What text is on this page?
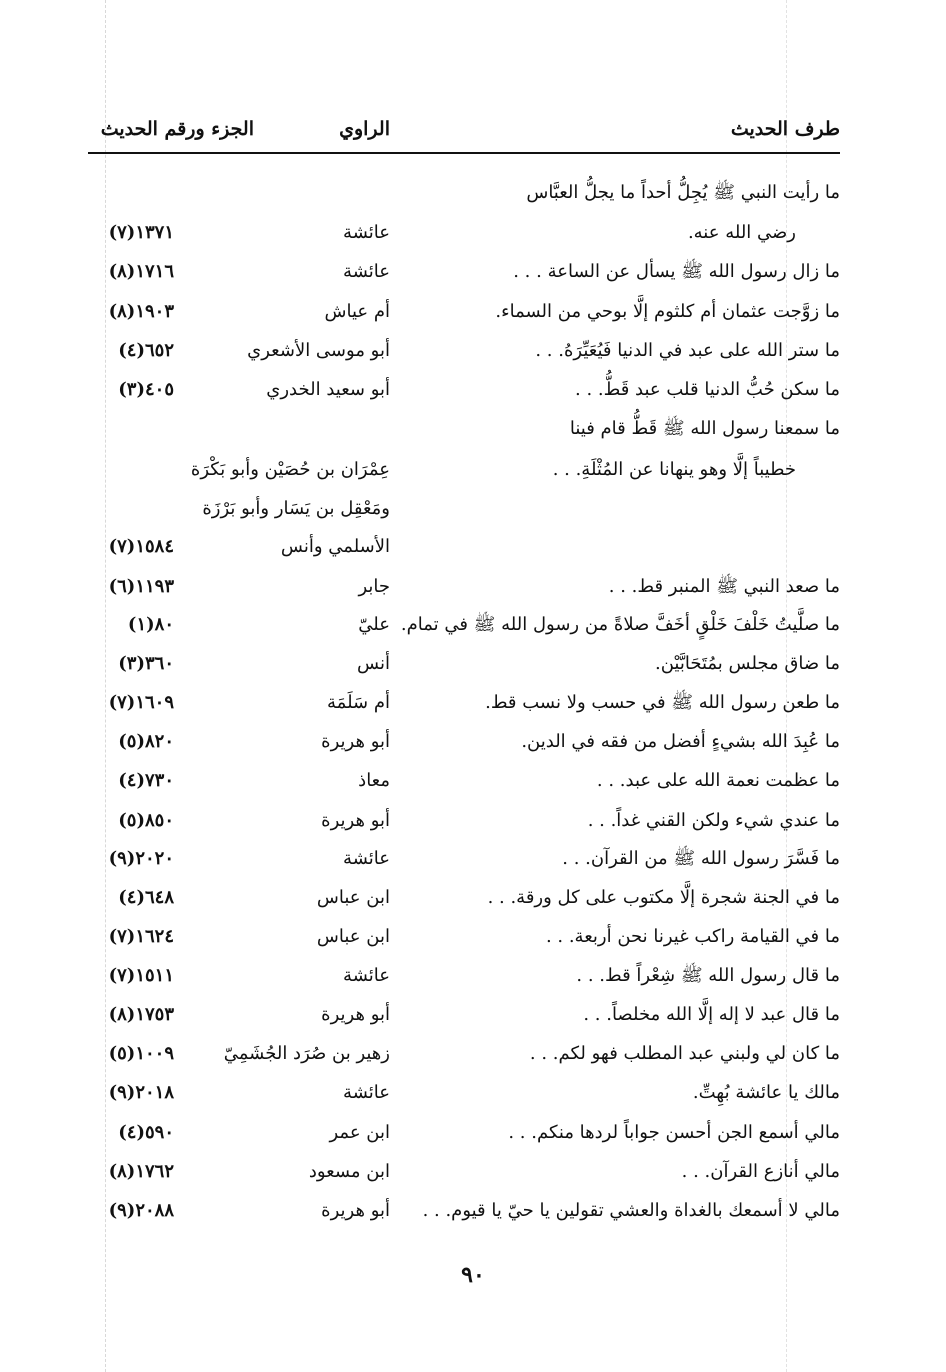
طرف الحديث
الراوي
الجزء ورقم الحديث
ما رأيت النبي ﷺ يُجِلُّ أحداً ما يجلُّ العبَّاس
رضي الله عنه.
عائشة
١٣٧١(٧)
ما زال رسول الله ﷺ يسأل عن الساعة . . .
عائشة
١٧١٦(٨)
ما زوَّجت عثمان أم كلثوم إلَّا بوحي من السماء.
أم عياش
١٩٠٣(٨)
ما ستر الله على عبد في الدنيا فَيُعَيِّرَهُ. . .
أبو موسى الأشعري
٦٥٢(٤)
ما سكن حُبُّ الدنيا قلب عبد قَطُّ. . .
أبو سعيد الخدري
٤٠٥(٣)
ما سمعنا رسول الله ﷺ قَطُّ قام فينا
خطيباً إلَّا وهو ينهانا عن المُثْلَةِ. . .
عِمْرَان بن حُصَيْن وأبو بَكْرَة
ومَعْقِل بن يَسَار وأبو بَرْزَة
الأسلمي وأنس
١٥٨٤(٧)
ما صعد النبي ﷺ المنبر قط. . .
جابر
١١٩٣(٦)
ما صلَّيتُ خَلْفَ خَلْقٍ أخَفَّ صلاةً من رسول الله ﷺ في تمام.
عليّ
٨٠(١)
ما ضاق مجلس بمُتَحَابَّيْن.
أنس
٣٦٠(٣)
ما طعن رسول الله ﷺ في حسب ولا نسب قط.
أم سَلَمَة
١٦٠٩(٧)
ما عُبِدَ الله بشيءٍ أفضل من فقه في الدين.
أبو هريرة
٨٢٠(٥)
ما عظمت نعمة الله على عبد. . .
معاذ
٧٣٠(٤)
ما عندي شيء ولكن القني غداً. . .
أبو هريرة
٨٥٠(٥)
ما فَسَّرَ رسول الله ﷺ من القرآن. . .
عائشة
٢٠٢٠(٩)
ما في الجنة شجرة إلَّا مكتوب على كل ورقة. . .
ابن عباس
٦٤٨(٤)
ما في القيامة راكب غيرنا نحن أربعة. . .
ابن عباس
١٦٢٤(٧)
ما قال رسول الله ﷺ شِعْراً قط. . .
عائشة
١٥١١(٧)
ما قال عبد لا إله إلَّا الله مخلصاً. . .
أبو هريرة
١٧٥٣(٨)
ما كان لي ولبني عبد المطلب فهو لكم. . .
زهير بن صُرَد الجُشَمِيّ
١٠٠٩(٥)
مالك يا عائشة بُهِتِّ.
عائشة
٢٠١٨(٩)
مالي أسمع الجن أحسن جواباً لردها منكم. . .
ابن عمر
٥٩٠(٤)
مالي أنازع القرآن. . .
ابن مسعود
١٧٦٢(٨)
مالي لا أسمعك بالغداة والعشي تقولين يا حيّ يا قيوم. . .
أبو هريرة
٢٠٨٨(٩)
٩٠
